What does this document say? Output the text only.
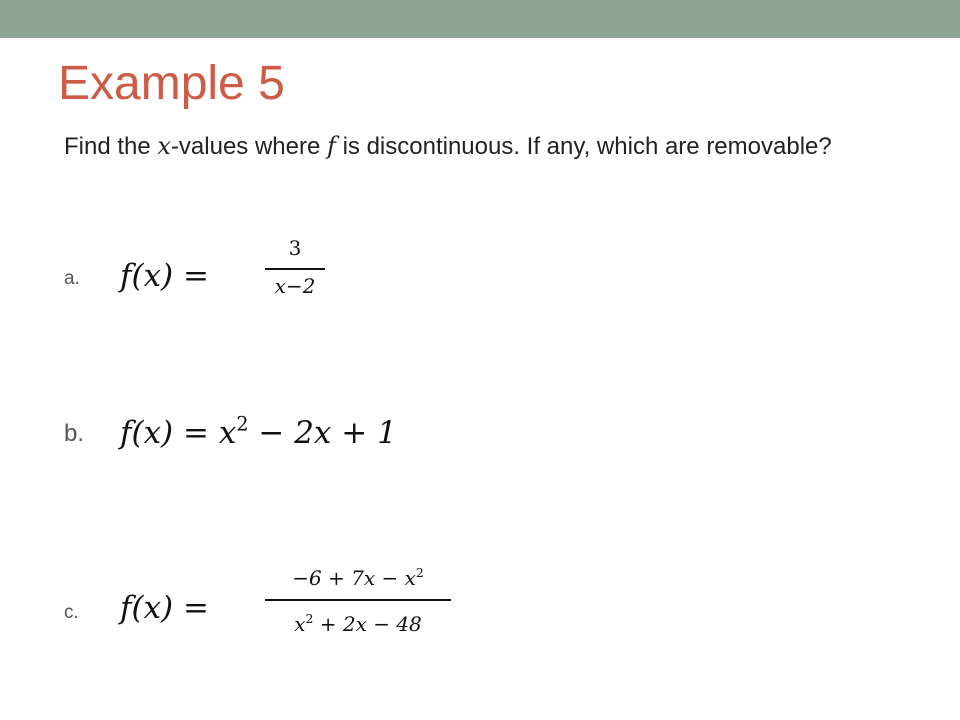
Example 5
Find the x-values where f is discontinuous. If any, which are removable?
a. f(x) =
3
x−2
b. $f(x) = x^2 - 2x + 1$
c. f(x) =
$-6 + 7x - x^2$
$x^2 + 2x - 48$
